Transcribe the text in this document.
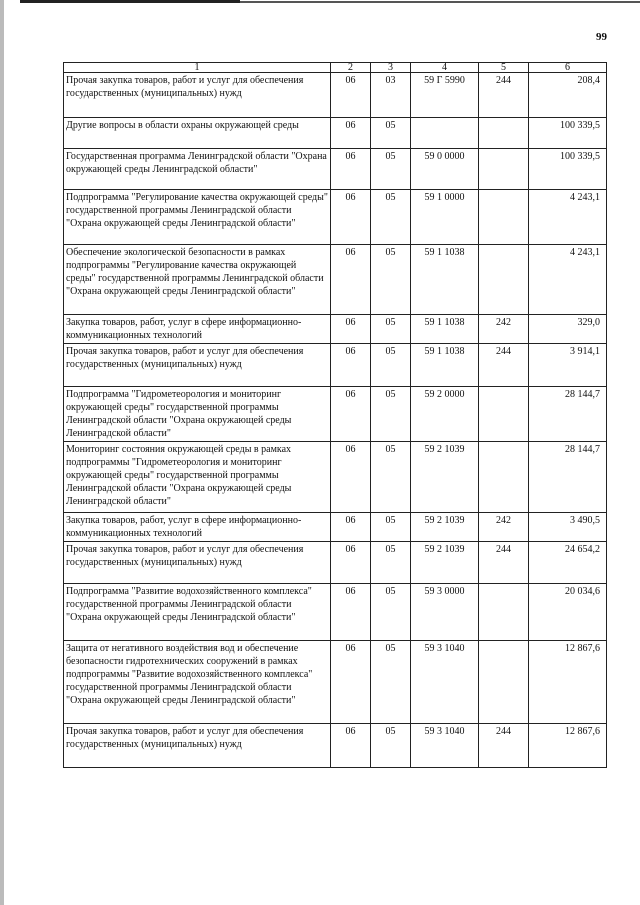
99
1	2	3	4	5	6
Прочая закупка товаров, работ и услуг для обеспечения государственных (муниципальных) нужд	06	03	59 Г 5990	244	208,4
Другие вопросы в области охраны окружающей среды	06	05			100 339,5
Государственная программа Ленинградской области "Охрана окружающей среды Ленинградской области"	06	05	59 0 0000		100 339,5
Подпрограмма "Регулирование качества окружающей среды" государственной программы Ленинградской области "Охрана окружающей среды Ленинградской области"	06	05	59 1 0000		4 243,1
Обеспечение экологической безопасности в рамках подпрограммы "Регулирование качества окружающей среды" государственной программы Ленинградской области "Охрана окружающей среды Ленинградской области"	06	05	59 1 1038		4 243,1
Закупка товаров, работ, услуг в сфере информационно-коммуникационных технологий	06	05	59 1 1038	242	329,0
Прочая закупка товаров, работ и услуг для обеспечения государственных (муниципальных) нужд	06	05	59 1 1038	244	3 914,1
Подпрограмма "Гидрометеорология и мониторинг окружающей среды" государственной программы Ленинградской области "Охрана окружающей среды Ленинградской области"	06	05	59 2 0000		28 144,7
Мониторинг состояния окружающей среды в рамках подпрограммы "Гидрометеорология и мониторинг окружающей среды" государственной программы Ленинградской области "Охрана окружающей среды Ленинградской области"	06	05	59 2 1039		28 144,7
Закупка товаров, работ, услуг в сфере информационно-коммуникационных технологий	06	05	59 2 1039	242	3 490,5
Прочая закупка товаров, работ и услуг для обеспечения государственных (муниципальных) нужд	06	05	59 2 1039	244	24 654,2
Подпрограмма "Развитие водохозяйственного комплекса" государственной программы Ленинградской области "Охрана окружающей среды Ленинградской области"	06	05	59 3 0000		20 034,6
Защита от негативного воздействия вод и обеспечение безопасности гидротехнических сооружений в рамках подпрограммы "Развитие водохозяйственного комплекса" государственной программы Ленинградской области "Охрана окружающей среды Ленинградской области"	06	05	59 3 1040		12 867,6
Прочая закупка товаров, работ и услуг для обеспечения государственных (муниципальных) нужд	06	05	59 3 1040	244	12 867,6
